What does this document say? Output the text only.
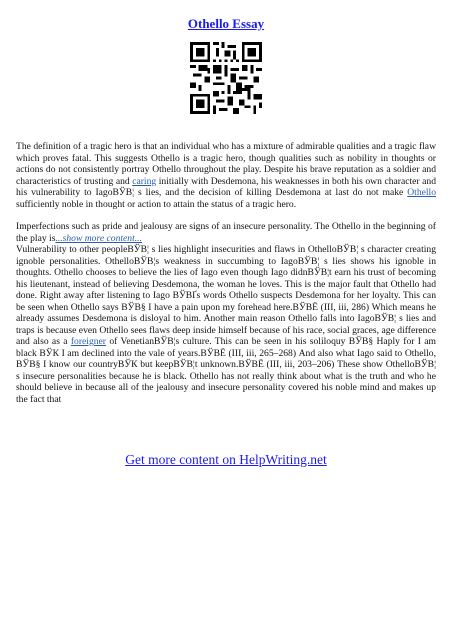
Othello Essay

The definition of a tragic hero is that an individual who has a mixture of admirable qualities and a tragic flaw which proves fatal. This suggests Othello is a tragic hero, though qualities such as nobility in thoughts or actions do not consistently portray Othello throughout the play. Despite his brave reputation as a soldier and characteristics of trusting and caring initially with Desdemona, his weaknesses in both his own character and his vulnerability to IagoВЎВ¦ s lies, and the decision of killing Desdemona at last do not make Othello sufficiently noble in thought or action to attain the status of a tragic hero.

Imperfections such as pride and jealousy are signs of an insecure personality. The Othello in the beginning of the play is...show more content...
Vulnerability to other peopleВЎВ¦ s lies highlight insecurities and flaws in OthelloВЎВ¦ s character creating ignoble personalities. OthelloВЎВ¦s weakness in succumbing to IagoВЎВ¦ s lies shows his ignoble in thoughts. Othello chooses to believe the lies of Iago even though Iago didnВЎВ¦t earn his trust of becoming his lieutenant, instead of believing Desdemona, the woman he loves. This is the major fault that Othello had done. Right away after listening to Iago ВЎВҐs words Othello suspects Desdemona for her loyalty. This can be seen when Othello says ВЎВ§ I have a pain upon my forehead here.ВЎВЁ (III, iii, 286) Which means he already assumes Desdemona is disloyal to him. Another main reason Othello falls into IagoВЎВ¦ s lies and traps is because even Othello sees flaws deep inside himself because of his race, social graces, age difference and also as a foreigner of VenetianВЎВ¦s culture. This can be seen in his soliloquy ВЎВ§ Haply for I am black ВЎК I am declined into the vale of years.ВЎВЁ (III, iii, 265–268) And also what Iago said to Othello, ВЎВ§ I know our countryВЎК but keepВЎВ¦t unknown.ВЎВЁ (III, iii, 203–206) These show OthelloВЎВ¦ s insecure personalities because he is black. Othello has not really think about what is the truth and who he should believe in because all of the jealousy and insecure personality covered his noble mind and makes up the fact that

Get more content on HelpWriting.net
